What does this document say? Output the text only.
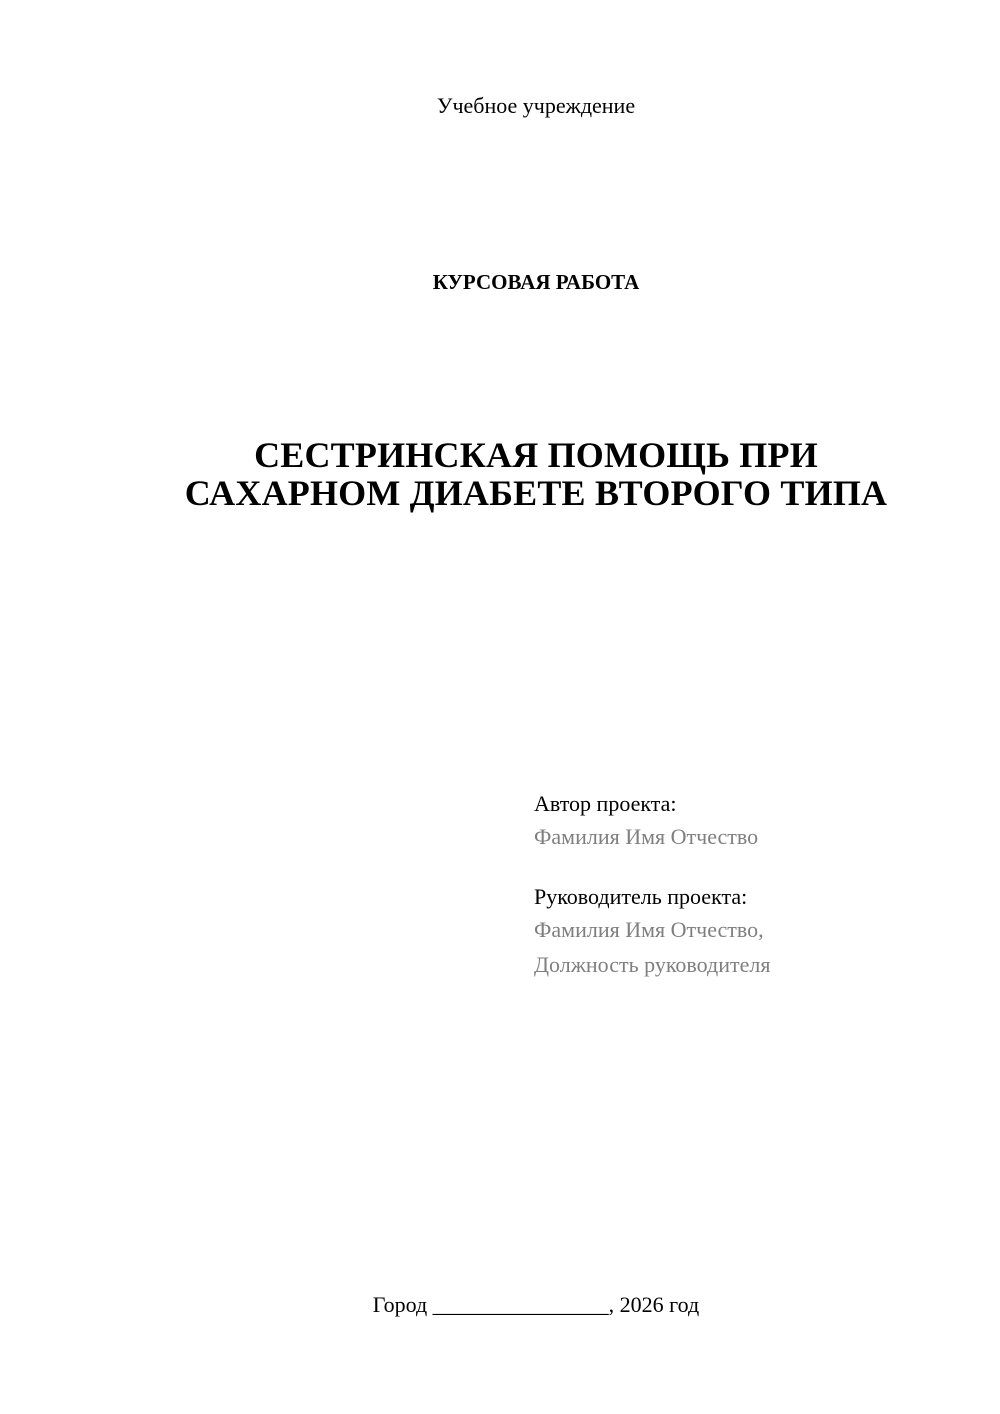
Учебное учреждение
КУРСОВАЯ РАБОТА
СЕСТРИНСКАЯ ПОМОЩЬ ПРИ
САХАРНОМ ДИАБЕТЕ ВТОРОГО ТИПА
Автор проекта:
Фамилия Имя Отчество
Руководитель проекта:
Фамилия Имя Отчество,
Должность руководителя
Город ________________, 2026 год
